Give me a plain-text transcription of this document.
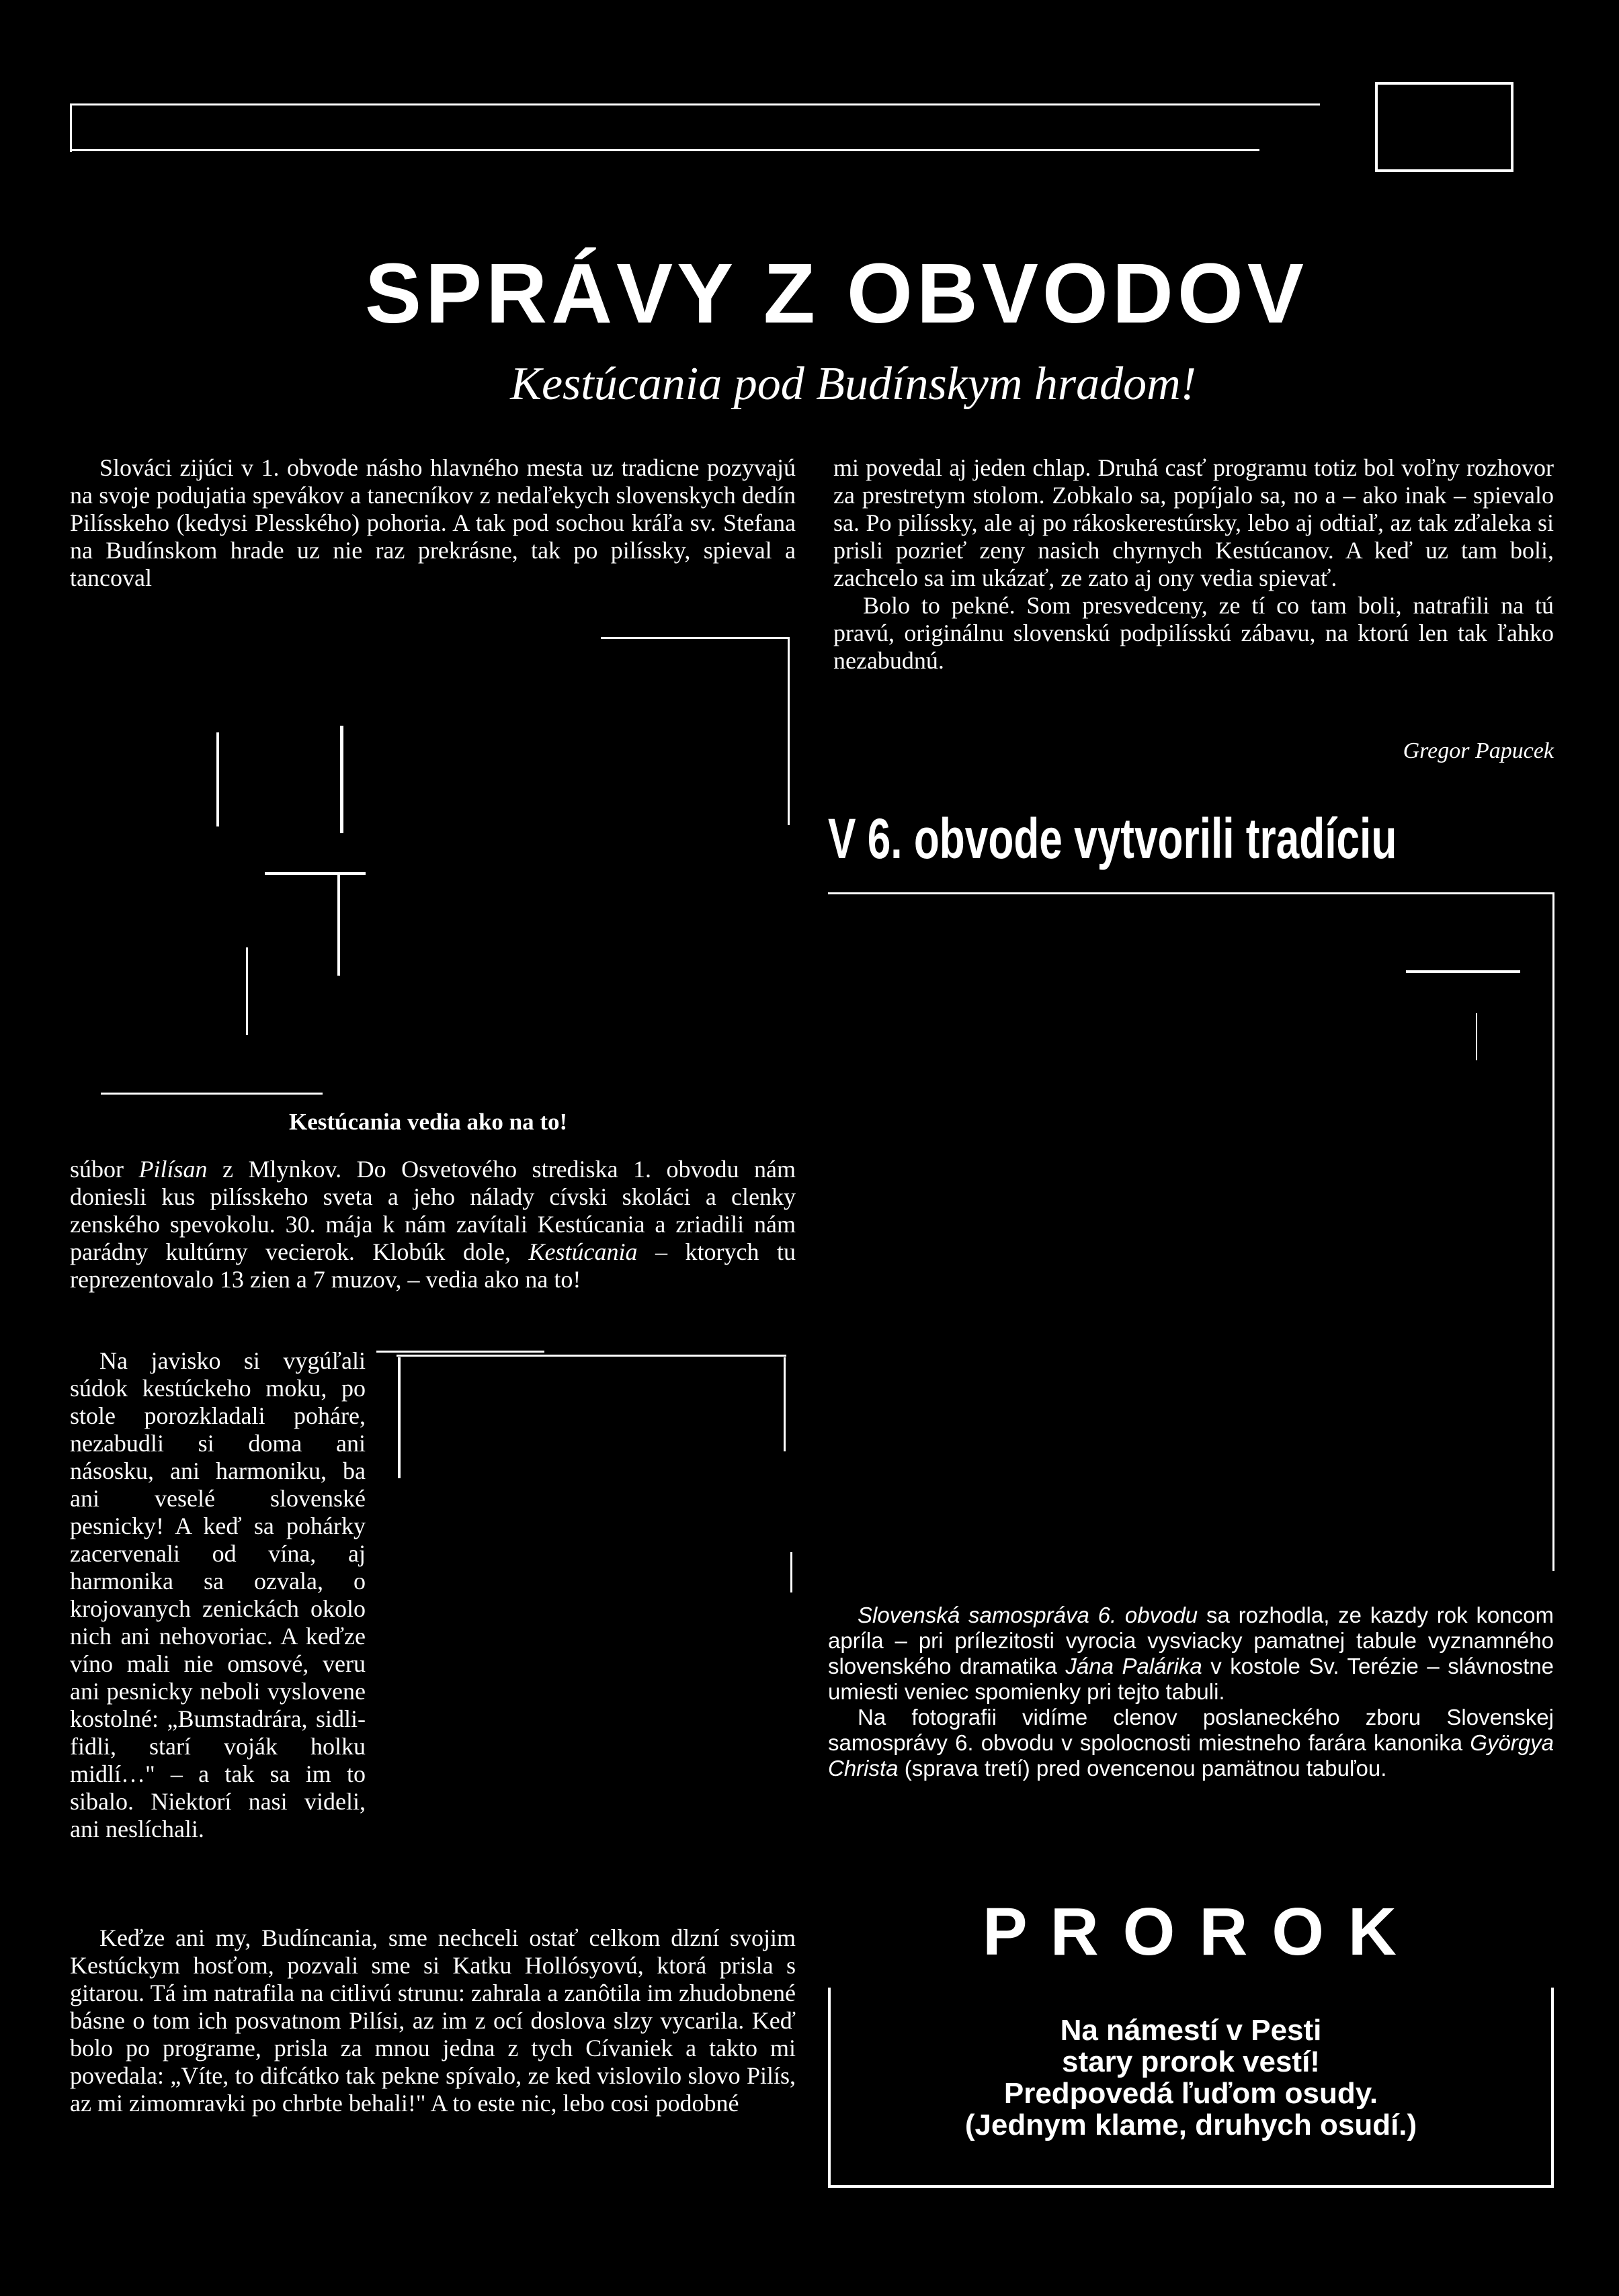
SPRÁVY Z OBVODOV
Kestúcania pod Budínskym hradom!

Slováci zijúci v 1. obvode násho hlavného mesta uz tradicne pozyvajú na svoje podujatia spevákov a tanecníkov z nedaľekych slovenskych dedín Pilísskeho (kedysi Plesského) pohoria. A tak pod sochou kráľa sv. Stefana na Budínskom hrade uz nie raz prekrásne, tak po pilíssky, spieval a tancoval

Kestúcania vedia ako na to!

súbor Pilísan z Mlynkov. Do Osvetového strediska 1. obvodu nám doniesli kus pilísskeho sveta a jeho nálady cívski skoláci a clenky zenského spevokolu. 30. mája k nám zavítali Kestúcania a zriadili nám parádny kultúrny vecierok. Klobúk dole, Kestúcania – ktorych tu reprezentovalo 13 zien a 7 muzov, – vedia ako na to!

Na javisko si vygúľali súdok kestúckeho moku, po stole porozkladali poháre, nezabudli si doma ani násosku, ani harmoniku, ba ani veselé slovenské pesnicky! A keď sa pohárky zacervenali od vína, aj harmonika sa ozvala, o krojovanych zenickách okolo nich ani nehovoriac. A keďze víno mali nie omsové, veru ani pesnicky neboli vyslovene kostolné: „Bumstadrára, sidli-fidli, starí voják holku midlí…" – a tak sa im to sibalo. Niektorí nasi videli, ani neslíchali.

Keďze ani my, Budíncania, sme nechceli ostať celkom dlzní svojim Kestúckym hosťom, pozvali sme si Katku Hollósyovú, ktorá prisla s gitarou. Tá im natrafila na citlivú strunu: zahrala a zanôtila im zhudobnené básne o tom ich posvatnom Pilísi, az im z ocí doslova slzy vycarila. Keď bolo po programe, prisla za mnou jedna z tych Cívaniek a takto mi povedala: „Víte, to difcátko tak pekne spívalo, ze ked vislovilo slovo Pilís, az mi zimomravki po chrbte behali!" A to este nic, lebo cosi podobné

mi povedal aj jeden chlap. Druhá casť programu totiz bol voľny rozhovor za prestretym stolom. Zobkalo sa, popíjalo sa, no a – ako inak – spievalo sa. Po pilíssky, ale aj po rákoskerestúrsky, lebo aj odtiaľ, az tak zďaleka si prisli pozrieť zeny nasich chyrnych Kestúcanov. A keď uz tam boli, zachcelo sa im ukázať, ze zato aj ony vedia spievať.

Bolo to pekné. Som presvedceny, ze tí co tam boli, natrafili na tú pravú, originálnu slovenskú podpilísskú zábavu, na ktorú len tak ľahko nezabudnú.

Gregor Papucek
V 6. obvode vytvorili tradíciu

Slovenská samospráva 6. obvodu sa rozhodla, ze kazdy rok koncom apríla – pri prílezitosti vyrocia vysviacky pamatnej tabule vyznamného slovenského dramatika Jána Palárika v kostole Sv. Terézie – slávnostne umiesti veniec spomienky pri tejto tabuli.

Na fotografii vidíme clenov poslaneckého zboru Slovenskej samosprávy 6. obvodu v spolocnosti miestneho farára kanonika Györgya Christa (sprava tretí) pred ovencenou pamätnou tabuľou.

P R O R O K
Na námestí v Pesti
stary prorok vestí!
Predpovedá ľuďom osudy.
(Jednym klame, druhych osudí.)
